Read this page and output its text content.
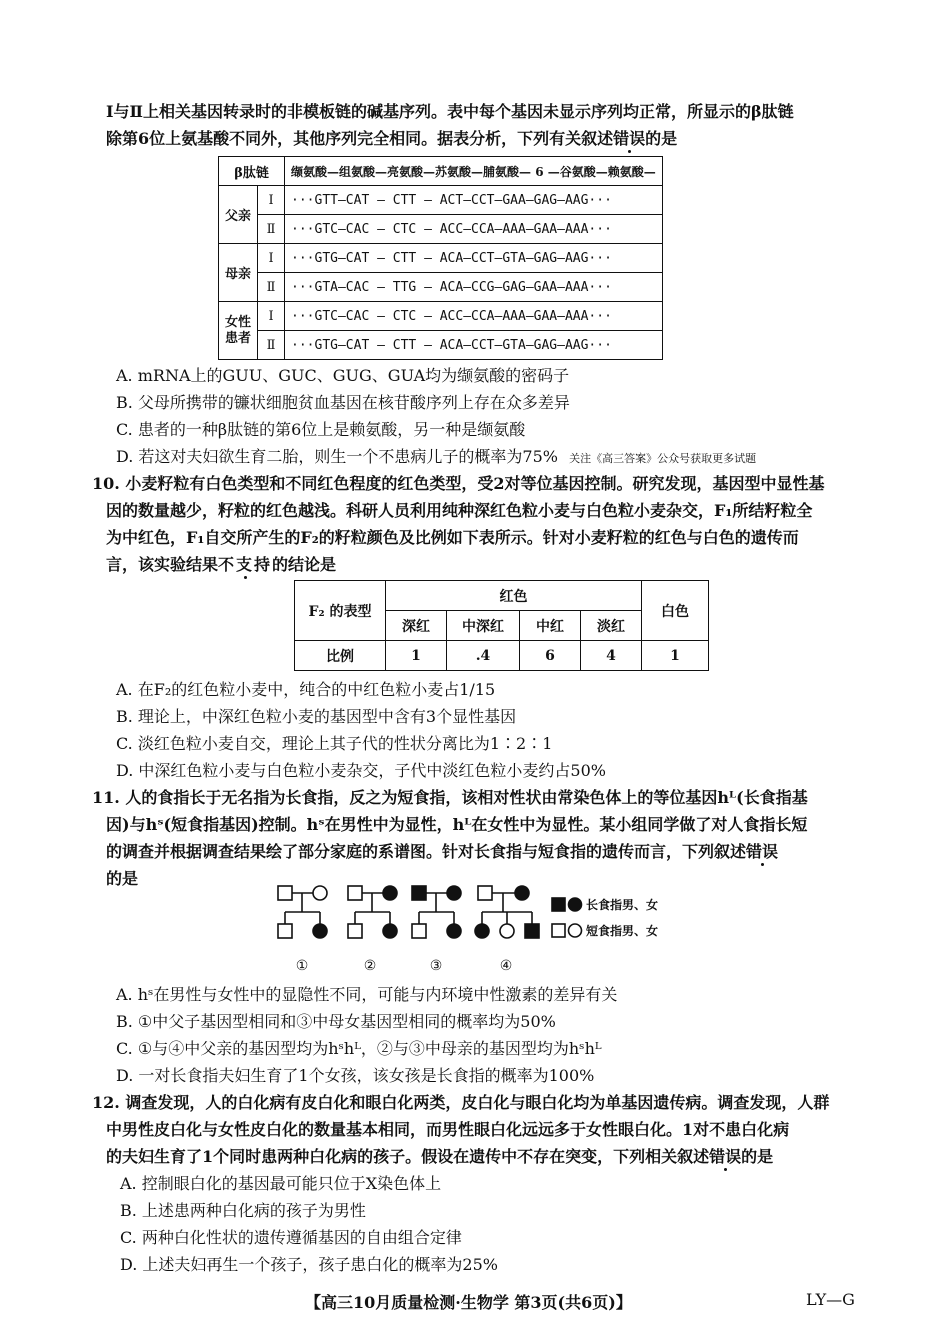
Ⅰ与Ⅱ上相关基因转录时的非模板链的碱基序列。表中每个基因未显示序列均正常，所显示的β肽链
除第6位上氨基酸不同外，其他序列完全相同。据表分析，下列有关叙述错误的是
β肽链		缬氨酸—组氨酸—亮氨酸—苏氨酸—脯氨酸— 6 —谷氨酸—赖氨酸—
父亲	Ⅰ	···GTT—CAT — CTT — ACT—CCT—GAA—GAG—AAG···
	Ⅱ	···GTC—CAC — CTC — ACC—CCA—AAA—GAA—AAA···
母亲	Ⅰ	···GTG—CAT — CTT — ACA—CCT—GTA—GAG—AAG···
	Ⅱ	···GTA—CAC — TTG — ACA—CCG—GAG—GAA—AAA···
女性
患者	Ⅰ	···GTC—CAC — CTC — ACC—CCA—AAA—GAA—AAA···
	Ⅱ	···GTG—CAT — CTT — ACA—CCT—GTA—GAG—AAG···
A. mRNA上的GUU、GUC、GUG、GUA均为缬氨酸的密码子
B. 父母所携带的镰状细胞贫血基因在核苷酸序列上存在众多差异
C. 患者的一种β肽链的第6位上是赖氨酸，另一种是缬氨酸
D. 若这对夫妇欲生育二胎，则生一个不患病儿子的概率为75% 关注《高三答案》公众号获取更多试题
10. 小麦籽粒有白色类型和不同红色程度的红色类型，受2对等位基因控制。研究发现，基因型中显性基
因的数量越少，籽粒的红色越浅。科研人员利用纯种深红色粒小麦与白色粒小麦杂交，F₁所结籽粒全
为中红色，F₁自交所产生的F₂的籽粒颜色及比例如下表所示。针对小麦籽粒的红色与白色的遗传而
言，该实验结果不支持的结论是
F₂ 的表型	红色				白色
	深红	中深红	中红	淡红	
比例	1	.4	6	4	1
A. 在F₂的红色粒小麦中，纯合的中红色粒小麦占1/15
B. 理论上，中深红色粒小麦的基因型中含有3个显性基因
C. 淡红色粒小麦自交，理论上其子代的性状分离比为1∶2∶1
D. 中深红色粒小麦与白色粒小麦杂交，子代中淡红色粒小麦约占50%
11. 人的食指长于无名指为长食指，反之为短食指，该相对性状由常染色体上的等位基因hᴸ(长食指基
因)与hˢ(短食指基因)控制。hˢ在男性中为显性，hᴸ在女性中为显性。某小组同学做了对人食指长短
的调查并根据调查结果绘了部分家庭的系谱图。针对长食指与短食指的遗传而言，下列叙述错误
的是
①	②	③	④
长食指男、女
短食指男、女
A. hˢ在男性与女性中的显隐性不同，可能与内环境中性激素的差异有关
B. ①中父子基因型相同和③中母女基因型相同的概率均为50%
C. ①与④中父亲的基因型均为hˢhᴸ，②与③中母亲的基因型均为hˢhᴸ
D. 一对长食指夫妇生育了1个女孩，该女孩是长食指的概率为100%
12. 调查发现，人的白化病有皮白化和眼白化两类，皮白化与眼白化均为单基因遗传病。调查发现，人群
中男性皮白化与女性皮白化的数量基本相同，而男性眼白化远远多于女性眼白化。1对不患白化病
的夫妇生育了1个同时患两种白化病的孩子。假设在遗传中不存在突变，下列相关叙述错误的是
A. 控制眼白化的基因最可能只位于X染色体上
B. 上述患两种白化病的孩子为男性
C. 两种白化性状的遗传遵循基因的自由组合定律
D. 上述夫妇再生一个孩子，孩子患白化的概率为25%
【高三10月质量检测·生物学 第3页(共6页)】	LY—G
